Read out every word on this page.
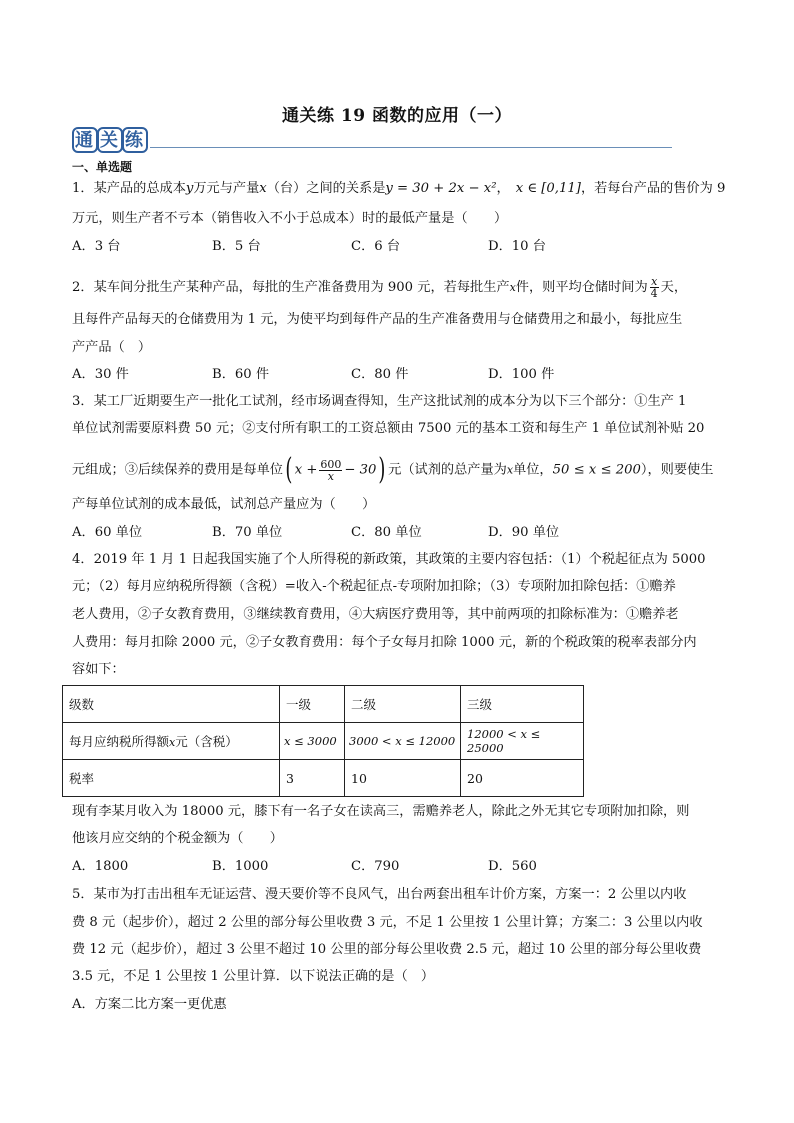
通关练 19 函数的应用（一）
通关练
一、单选题
1．某产品的总成本y万元与产量x（台）之间的关系是y = 30 + 2x − x²， x ∈ [0,11]，若每台产品的售价为 9
万元，则生产者不亏本（销售收入不小于总成本）时的最低产量是（　　）
A．3 台	B．5 台	C．6 台	D．10 台
2．某车间分批生产某种产品，每批的生产准备费用为 900 元，若每批生产x件，则平均仓储时间为 $\frac{x}{4}$ 天，
且每件产品每天的仓储费用为 1 元，为使平均到每件产品的生产准备费用与仓储费用之和最小，每批应生
产产品（　）
A．30 件	B．60 件	C．80 件	D．100 件
3．某工厂近期要生产一批化工试剂，经市场调查得知，生产这批试剂的成本分为以下三个部分：①生产 1
单位试剂需要原料费 50 元；②支付所有职工的工资总额由 7500 元的基本工资和每生产 1 单位试剂补贴 20
元组成；③后续保养的费用是每单位( $x + \frac{600}{x} - 30$) 元（试剂的总产量为x单位，50 ≤ x ≤ 200），则要使生
产每单位试剂的成本最低，试剂总产量应为（　　）
A．60 单位	B．70 单位	C．80 单位	D．90 单位
4．2019 年 1 月 1 日起我国实施了个人所得税的新政策，其政策的主要内容包括：（1）个税起征点为 5000
元；（2）每月应纳税所得额（含税）=收入-个税起征点-专项附加扣除；（3）专项附加扣除包括：①赡养
老人费用，②子女教育费用，③继续教育费用，④大病医疗费用等，其中前两项的扣除标准为：①赡养老
人费用：每月扣除 2000 元，②子女教育费用：每个子女每月扣除 1000 元，新的个税政策的税率表部分内
容如下：
级数	一级	二级	三级
每月应纳税所得额x元（含税）	x ≤ 3000	3000 < x ≤ 12000	12000 < x ≤ 25000
税率	3	10	20
现有李某月收入为 18000 元，膝下有一名子女在读高三，需赡养老人，除此之外无其它专项附加扣除，则
他该月应交纳的个税金额为（　　）
A．1800	B．1000	C．790	D．560
5．某市为打击出租车无证运营、漫天要价等不良风气，出台两套出租车计价方案，方案一：2 公里以内收
费 8 元（起步价），超过 2 公里的部分每公里收费 3 元，不足 1 公里按 1 公里计算；方案二：3 公里以内收
费 12 元（起步价），超过 3 公里不超过 10 公里的部分每公里收费 2.5 元，超过 10 公里的部分每公里收费
3.5 元，不足 1 公里按 1 公里计算．以下说法正确的是（　）
A．方案二比方案一更优惠
